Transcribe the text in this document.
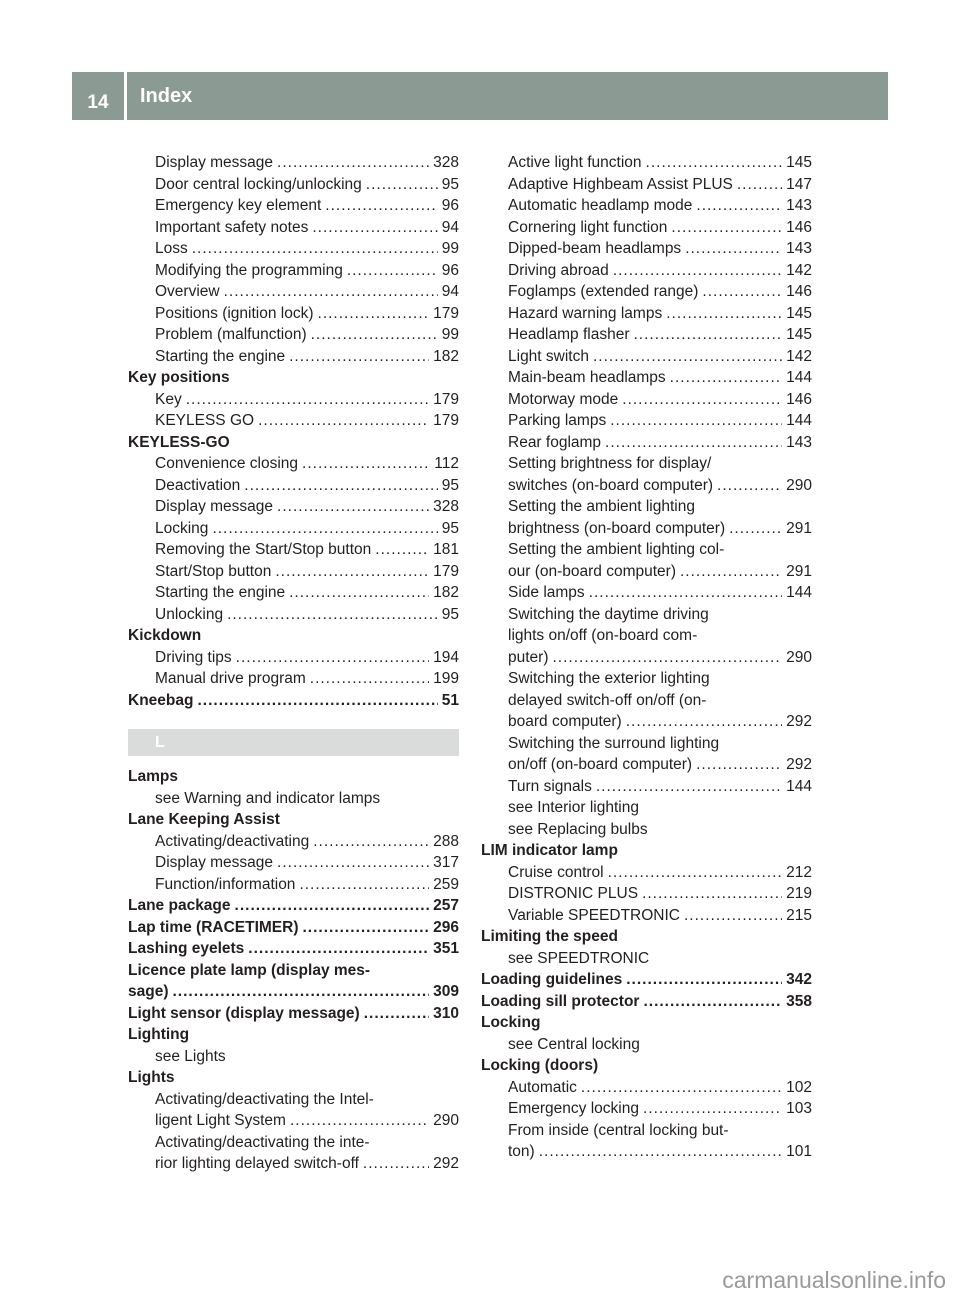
14	Index
Display message .....	328
Door central locking/unlocking .....	95
Emergency key element .....	96
Important safety notes .....	94
Loss .....	99
Modifying the programming .....	96
Overview .....	94
Positions (ignition lock) .....	179
Problem (malfunction) .....	99
Starting the engine .....	182
Key positions
Key .....	179
KEYLESS GO .....	179
KEYLESS-GO
Convenience closing .....	112
Deactivation .....	95
Display message .....	328
Locking .....	95
Removing the Start/Stop button .....	181
Start/Stop button .....	179
Starting the engine .....	182
Unlocking .....	95
Kickdown
Driving tips .....	194
Manual drive program .....	199
Kneebag .....	51
L
Lamps
see Warning and indicator lamps
Lane Keeping Assist
Activating/deactivating .....	288
Display message .....	317
Function/information .....	259
Lane package .....	257
Lap time (RACETIMER) .....	296
Lashing eyelets .....	351
Licence plate lamp (display mes-
sage) .....	309
Light sensor (display message) .....	310
Lighting
see Lights
Lights
Activating/deactivating the Intel-
ligent Light System .....	290
Activating/deactivating the inte-
rior lighting delayed switch-off .....	292
Active light function .....	145
Adaptive Highbeam Assist PLUS .....	147
Automatic headlamp mode .....	143
Cornering light function .....	146
Dipped-beam headlamps .....	143
Driving abroad .....	142
Foglamps (extended range) .....	146
Hazard warning lamps .....	145
Headlamp flasher .....	145
Light switch .....	142
Main-beam headlamps .....	144
Motorway mode .....	146
Parking lamps .....	144
Rear foglamp .....	143
Setting brightness for display/
switches (on-board computer) .....	290
Setting the ambient lighting
brightness (on-board computer) .....	291
Setting the ambient lighting col-
our (on-board computer) .....	291
Side lamps .....	144
Switching the daytime driving
lights on/off (on-board com-
puter) .....	290
Switching the exterior lighting
delayed switch-off on/off (on-
board computer) .....	292
Switching the surround lighting
on/off (on-board computer) .....	292
Turn signals .....	144
see Interior lighting
see Replacing bulbs
LIM indicator lamp
Cruise control .....	212
DISTRONIC PLUS .....	219
Variable SPEEDTRONIC .....	215
Limiting the speed
see SPEEDTRONIC
Loading guidelines .....	342
Loading sill protector .....	358
Locking
see Central locking
Locking (doors)
Automatic .....	102
Emergency locking .....	103
From inside (central locking but-
ton) .....	101
carmanualsonline.info
